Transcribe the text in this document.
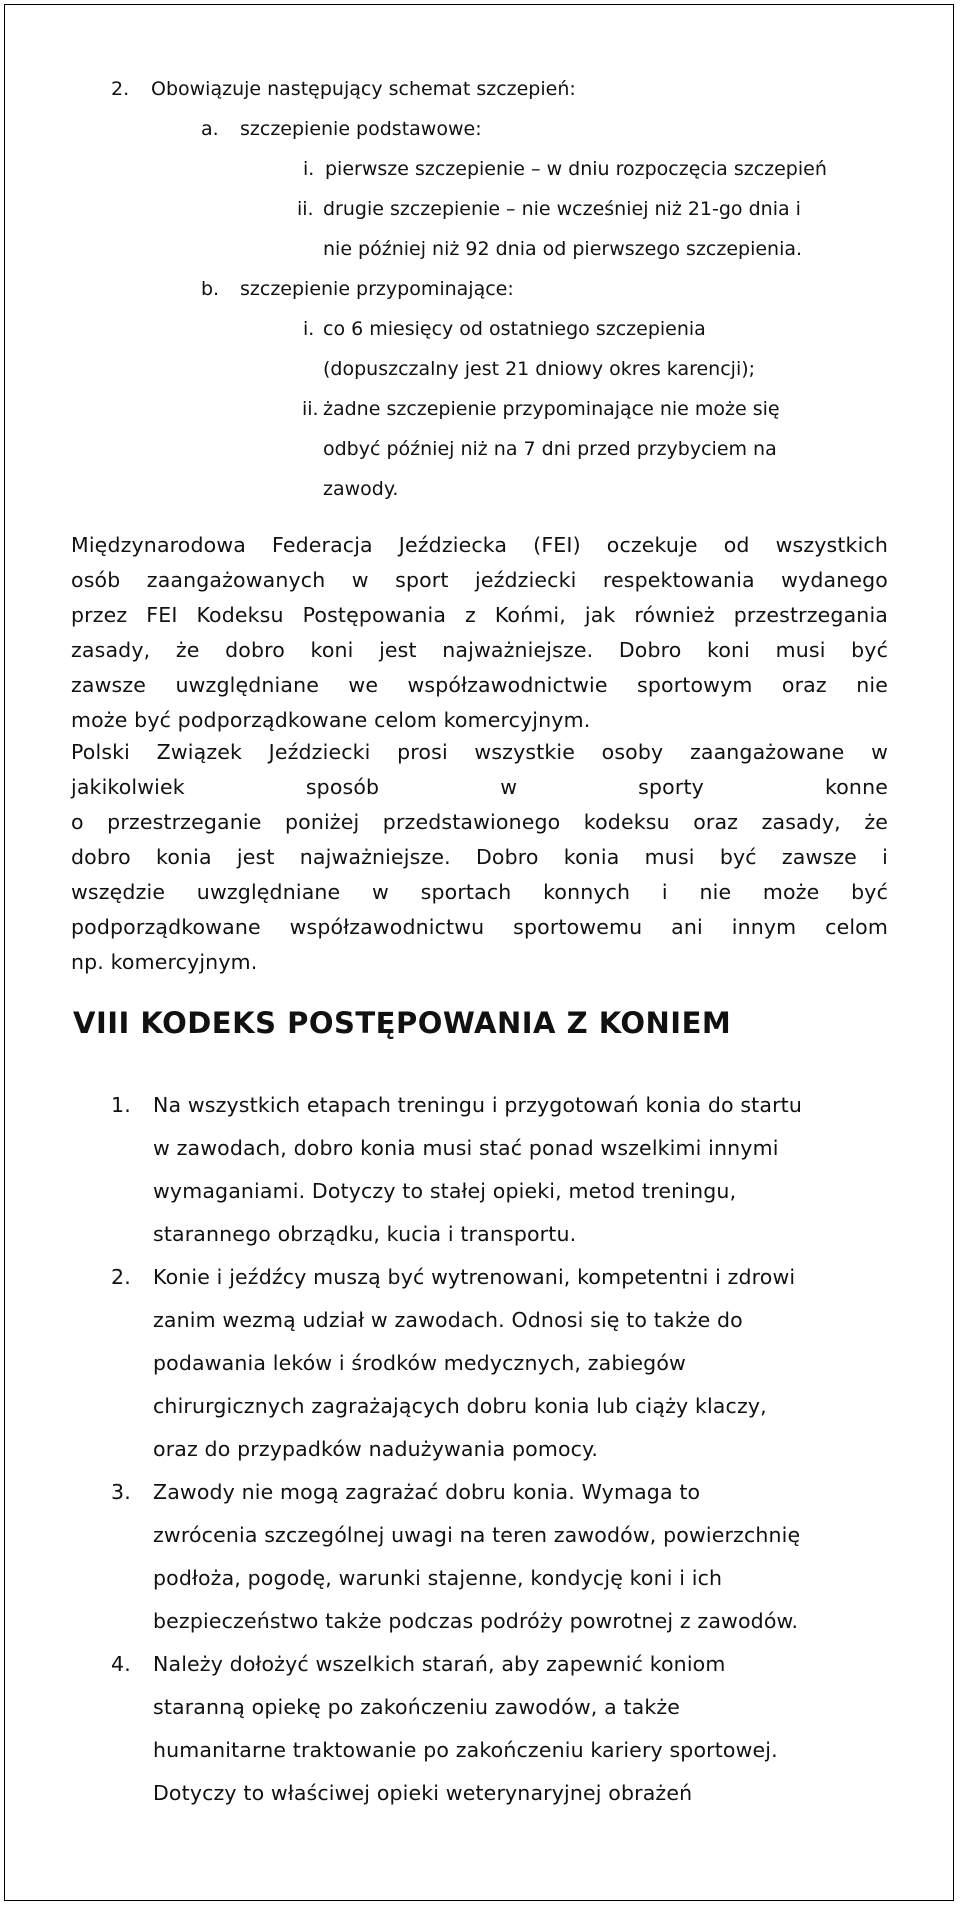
2. Obowiązuje następujący schemat szczepień:
a. szczepienie podstawowe:
i. pierwsze szczepienie – w dniu rozpoczęcia szczepień
ii. drugie szczepienie – nie wcześniej niż 21-go dnia i
nie później niż 92 dnia od pierwszego szczepienia.
b. szczepienie przypominające:
i. co 6 miesięcy od ostatniego szczepienia
(dopuszczalny jest 21 dniowy okres karencji);
ii. żadne szczepienie przypominające nie może się
odbyć później niż na 7 dni przed przybyciem na
zawody.
Międzynarodowa Federacja Jeździecka (FEI) oczekuje od wszystkich
osób zaangażowanych w sport jeździecki respektowania wydanego
przez FEI Kodeksu Postępowania z Końmi, jak również przestrzegania
zasady, że dobro koni jest najważniejsze. Dobro koni musi być
zawsze uwzględniane we współzawodnictwie sportowym oraz nie
może być podporządkowane celom komercyjnym.
Polski Związek Jeździecki prosi wszystkie osoby zaangażowane w
jakikolwiek sposób w sporty konne
o przestrzeganie poniżej przedstawionego kodeksu oraz zasady, że
dobro konia jest najważniejsze. Dobro konia musi być zawsze i
wszędzie uwzględniane w sportach konnych i nie może być
podporządkowane współzawodnictwu sportowemu ani innym celom
np. komercyjnym.
VIII KODEKS POSTĘPOWANIA Z KONIEM
1. Na wszystkich etapach treningu i przygotowań konia do startu
w zawodach, dobro konia musi stać ponad wszelkimi innymi
wymaganiami. Dotyczy to stałej opieki, metod treningu,
starannego obrządku, kucia i transportu.
2. Konie i jeźdźcy muszą być wytrenowani, kompetentni i zdrowi
zanim wezmą udział w zawodach. Odnosi się to także do
podawania leków i środków medycznych, zabiegów
chirurgicznych zagrażających dobru konia lub ciąży klaczy,
oraz do przypadków nadużywania pomocy.
3. Zawody nie mogą zagrażać dobru konia. Wymaga to
zwrócenia szczególnej uwagi na teren zawodów, powierzchnię
podłoża, pogodę, warunki stajenne, kondycję koni i ich
bezpieczeństwo także podczas podróży powrotnej z zawodów.
4. Należy dołożyć wszelkich starań, aby zapewnić koniom
staranną opiekę po zakończeniu zawodów, a także
humanitarne traktowanie po zakończeniu kariery sportowej.
Dotyczy to właściwej opieki weterynaryjnej obrażeń
